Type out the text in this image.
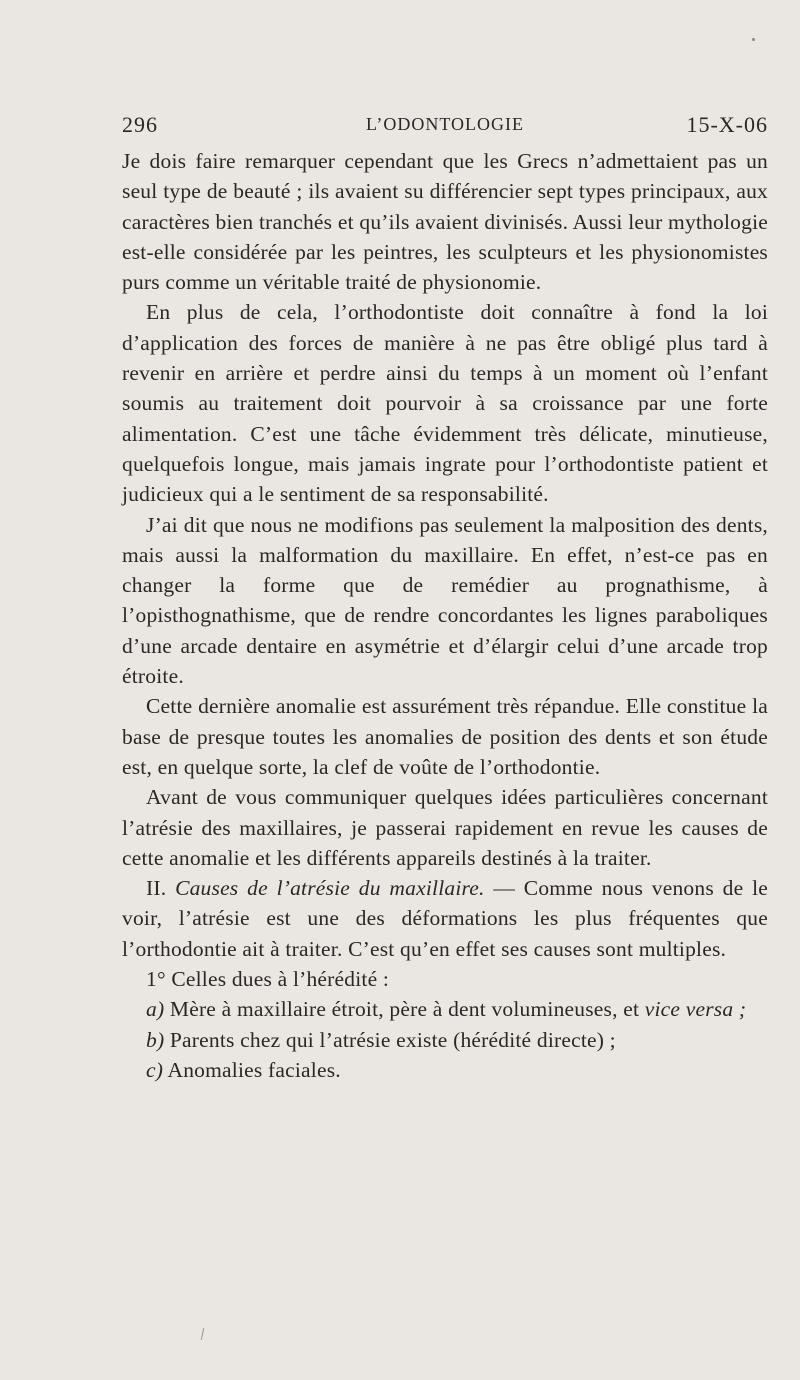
296	L’ODONTOLOGIE	15-X-06

Je dois faire remarquer cependant que les Grecs n’admettaient pas un seul type de beauté ; ils avaient su différencier sept types principaux, aux caractères bien tranchés et qu’ils avaient divinisés. Aussi leur mythologie est-elle considérée par les peintres, les sculpteurs et les physionomistes purs comme un véritable traité de physionomie.

En plus de cela, l’orthodontiste doit connaître à fond la loi d’application des forces de manière à ne pas être obligé plus tard à revenir en arrière et perdre ainsi du temps à un moment où l’enfant soumis au traitement doit pourvoir à sa croissance par une forte alimentation. C’est une tâche évidemment très délicate, minutieuse, quelquefois longue, mais jamais ingrate pour l’orthodontiste patient et judicieux qui a le sentiment de sa responsabilité.

J’ai dit que nous ne modifions pas seulement la malposition des dents, mais aussi la malformation du maxillaire. En effet, n’est-ce pas en changer la forme que de remédier au prognathisme, à l’opisthognathisme, que de rendre concordantes les lignes paraboliques d’une arcade dentaire en asymétrie et d’élargir celui d’une arcade trop étroite.

Cette dernière anomalie est assurément très répandue. Elle constitue la base de presque toutes les anomalies de position des dents et son étude est, en quelque sorte, la clef de voûte de l’orthodontie.

Avant de vous communiquer quelques idées particulières concernant l’atrésie des maxillaires, je passerai rapidement en revue les causes de cette anomalie et les différents appareils destinés à la traiter.

II. Causes de l’atrésie du maxillaire. — Comme nous venons de le voir, l’atrésie est une des déformations les plus fréquentes que l’orthodontie ait à traiter. C’est qu’en effet ses causes sont multiples.

1° Celles dues à l’hérédité :

a) Mère à maxillaire étroit, père à dent volumineuses, et vice versa ;

b) Parents chez qui l’atrésie existe (hérédité directe) ;

c) Anomalies faciales.
